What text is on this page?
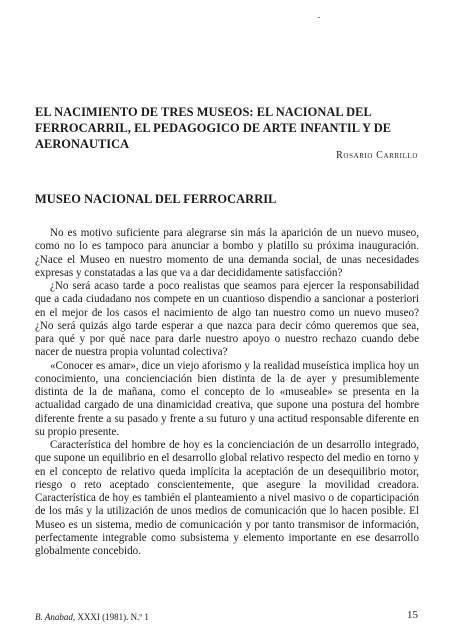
EL NACIMIENTO DE TRES MUSEOS: EL NACIONAL DEL FERROCARRIL, EL PEDAGOGICO DE ARTE INFANTIL Y DE AERONAUTICA
Rosario Carrillo
MUSEO NACIONAL DEL FERROCARRIL

No es motivo suficiente para alegrarse sin más la aparición de un nuevo museo, como no lo es tampoco para anunciar a bombo y platillo su próxima inauguración. ¿Nace el Museo en nuestro momento de una demanda social, de unas necesidades expresas y constatadas a las que va a dar decididamente satisfacción?

¿No será acaso tarde a poco realistas que seamos para ejercer la responsabilidad que a cada ciudadano nos compete en un cuantioso dispendio a sancionar a posteriori en el mejor de los casos el nacimiento de algo tan nuestro como un nuevo museo? ¿No será quizás algo tarde esperar a que nazca para decir cómo queremos que sea, para qué y por qué nace para darle nuestro apoyo o nuestro rechazo cuando debe nacer de nuestra propia voluntad colectiva?

«Conocer es amar», dice un viejo aforismo y la realidad museística implica hoy un conocimiento, una concienciación bien distinta de la de ayer y presumiblemente distinta de la de mañana, como el concepto de lo «museable» se presenta en la actualidad cargado de una dinamicidad creativa, que supone una postura del hombre diferente frente a su pasado y frente a su futuro y una actitud responsable diferente en su propio presente.

Característica del hombre de hoy es la concienciación de un desarrollo integrado, que supone un equilibrio en el desarrollo global relativo respecto del medio en torno y en el concepto de relativo queda implícita la aceptación de un desequilibrio motor, riesgo o reto aceptado conscientemente, que asegure la movilidad creadora. Característica de hoy es también el planteamiento a nivel masivo o de coparticipación de los más y la utilización de unos medios de comunicación que lo hacen posible. El Museo es un sistema, medio de comunicación y por tanto transmisor de información, perfectamente integrable como subsistema y elemento importante en ese desarrollo globalmente concebido.

B. Anabad, XXXI (1981). N.º 1	15
